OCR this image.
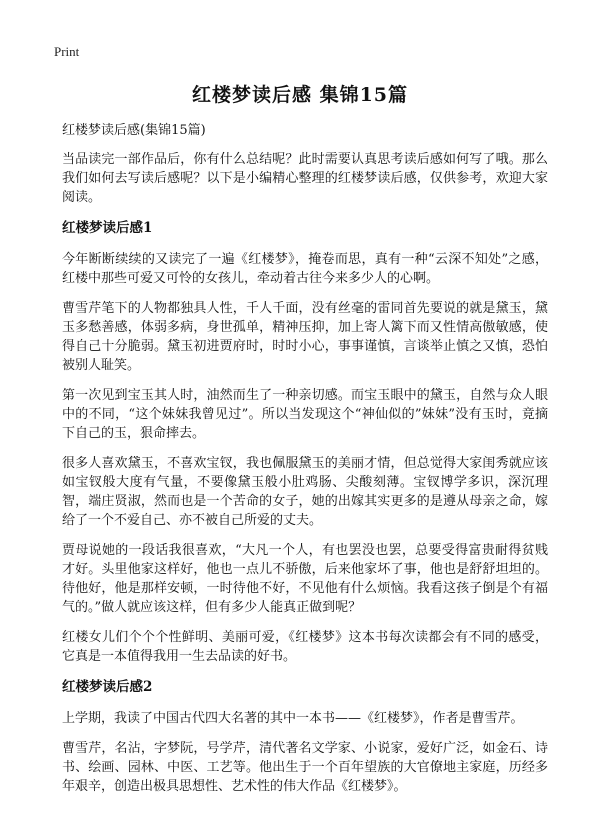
Print
红楼梦读后感 集锦15篇

红楼梦读后感(集锦15篇)

当品读完一部作品后，你有什么总结呢？此时需要认真思考读后感如何写了哦。那么我们如何去写读后感呢？以下是小编精心整理的红楼梦读后感，仅供参考，欢迎大家阅读。

红楼梦读后感1

今年断断续续的又读完了一遍《红楼梦》，掩卷而思，真有一种“云深不知处”之感，红楼中那些可爱又可怜的女孩儿，牵动着古往今来多少人的心啊。

曹雪芹笔下的人物都独具人性，千人千面，没有丝毫的雷同首先要说的就是黛玉，黛玉多愁善感，体弱多病，身世孤单，精神压抑，加上寄人篱下而又性情高傲敏感，使得自己十分脆弱。黛玉初进贾府时，时时小心，事事谨慎，言谈举止慎之又慎，恐怕被别人耻笑。

第一次见到宝玉其人时，油然而生了一种亲切感。而宝玉眼中的黛玉，自然与众人眼中的不同，“这个妹妹我曾见过”。所以当发现这个“神仙似的”妹妹”没有玉时，竟摘下自己的玉，狠命摔去。

很多人喜欢黛玉，不喜欢宝钗，我也佩服黛玉的美丽才情，但总觉得大家闺秀就应该如宝钗般大度有气量，不要像黛玉般小肚鸡肠、尖酸刻薄。宝钗博学多识，深沉理智，端庄贤淑，然而也是一个苦命的女子，她的出嫁其实更多的是遵从母亲之命，嫁给了一个不爱自己、亦不被自己所爱的丈夫。

贾母说她的一段话我很喜欢，“大凡一个人，有也罢没也罢，总要受得富贵耐得贫贱才好。头里他家这样好，他也一点儿不骄傲，后来他家坏了事，他也是舒舒坦坦的。待他好，他是那样安顿，一时待他不好，不见他有什么烦恼。我看这孩子倒是个有福气的。”做人就应该这样，但有多少人能真正做到呢？

红楼女儿们个个个性鲜明、美丽可爱，《红楼梦》这本书每次读都会有不同的感受，它真是一本值得我用一生去品读的好书。

红楼梦读后感2

上学期，我读了中国古代四大名著的其中一本书——《红楼梦》，作者是曹雪芹。

曹雪芹，名沾，字梦阮，号学芹，清代著名文学家、小说家，爱好广泛，如金石、诗书、绘画、园林、中医、工艺等。他出生于一个百年望族的大官僚地主家庭，历经多年艰辛，创造出极具思想性、艺术性的伟大作品《红楼梦》。
